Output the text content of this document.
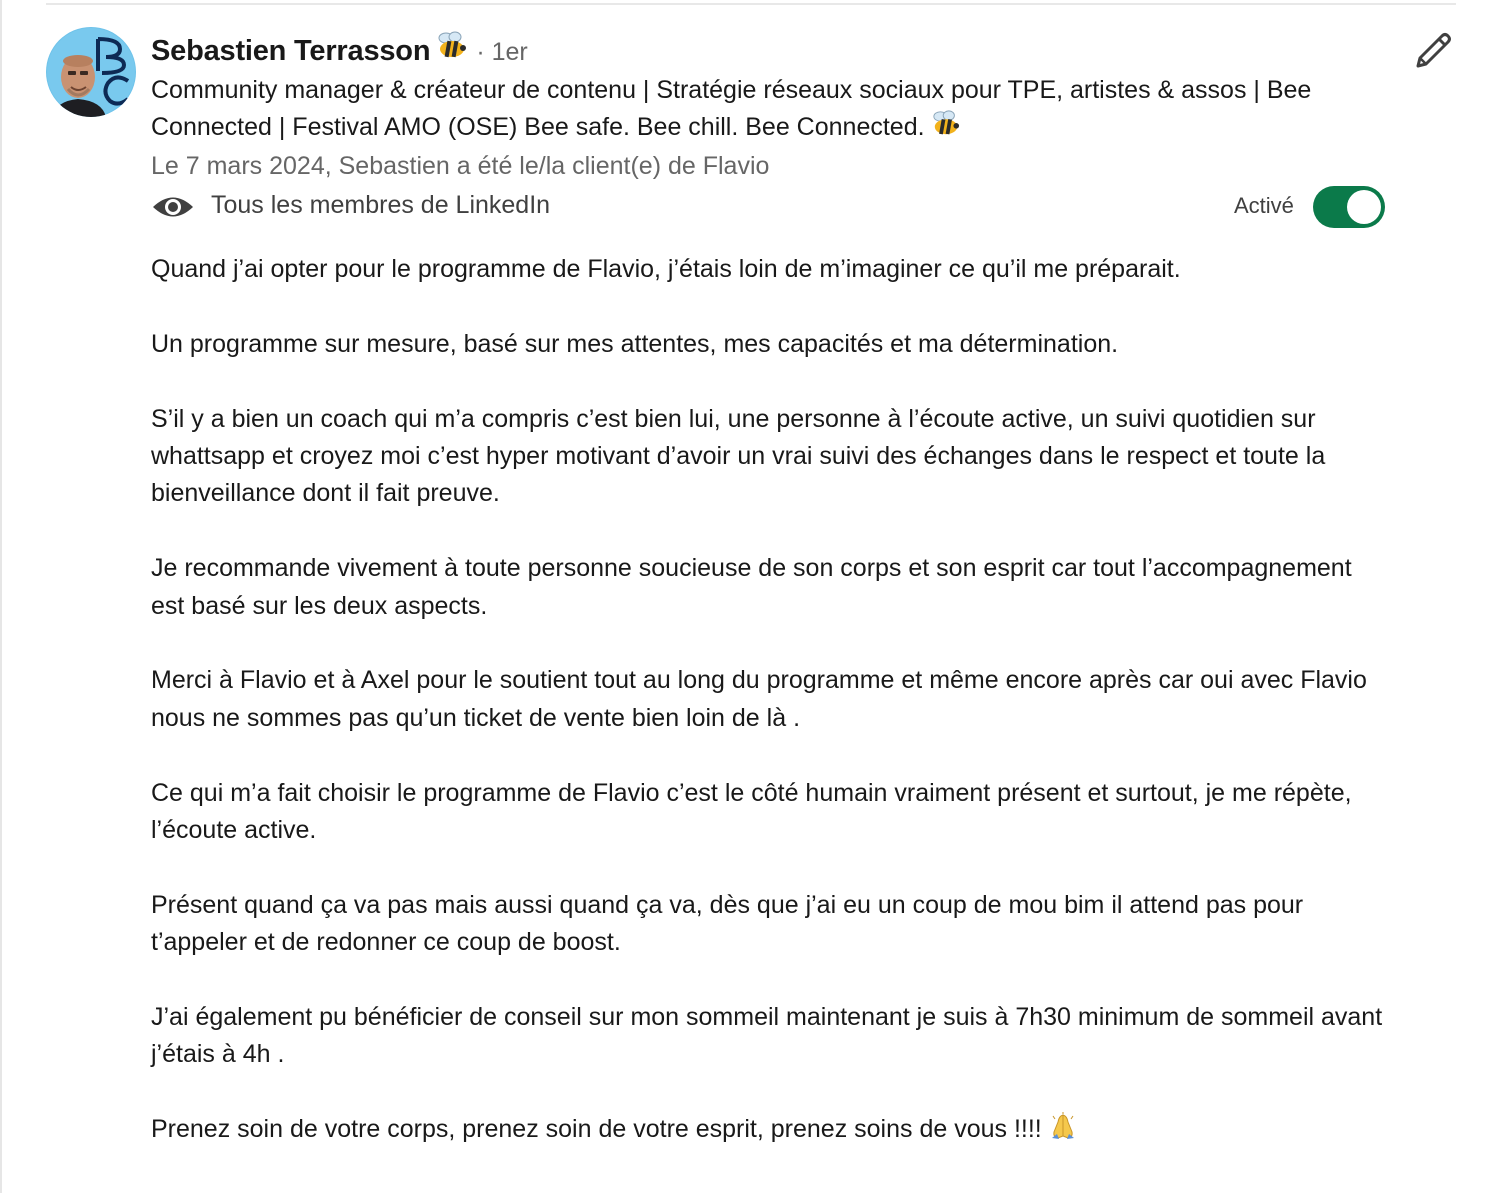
Sebastien Terrasson · 1er
Community manager & créateur de contenu | Stratégie réseaux sociaux pour TPE, artistes & assos | Bee Connected | Festival AMO (OSE) Bee safe. Bee chill. Bee Connected.
Le 7 mars 2024, Sebastien a été le/la client(e) de Flavio
Tous les membres de LinkedIn	Activé

Quand j’ai opter pour le programme de Flavio, j’étais loin de m’imaginer ce qu’il me préparait.

Un programme sur mesure, basé sur mes attentes, mes capacités et ma détermination.

S’il y a bien un coach qui m’a compris c’est bien lui, une personne à l’écoute active, un suivi quotidien sur whattsapp et croyez moi c’est hyper motivant d’avoir un vrai suivi des échanges dans le respect et toute la bienveillance dont il fait preuve.

Je recommande vivement à toute personne soucieuse de son corps et son esprit car tout l’accompagnement est basé sur les deux aspects.

Merci à Flavio et à Axel pour le soutient tout au long du programme et même encore après car oui avec Flavio nous ne sommes pas qu’un ticket de vente bien loin de là .

Ce qui m’a fait choisir le programme de Flavio c’est le côté humain vraiment présent et surtout, je me répète, l’écoute active.

Présent quand ça va pas mais aussi quand ça va, dès que j’ai eu un coup de mou bim il attend pas pour t’appeler et de redonner ce coup de boost.

J’ai également pu bénéficier de conseil sur mon sommeil maintenant je suis à 7h30 minimum de sommeil avant j’étais à 4h .

Prenez soin de votre corps, prenez soin de votre esprit, prenez soins de vous !!!!
